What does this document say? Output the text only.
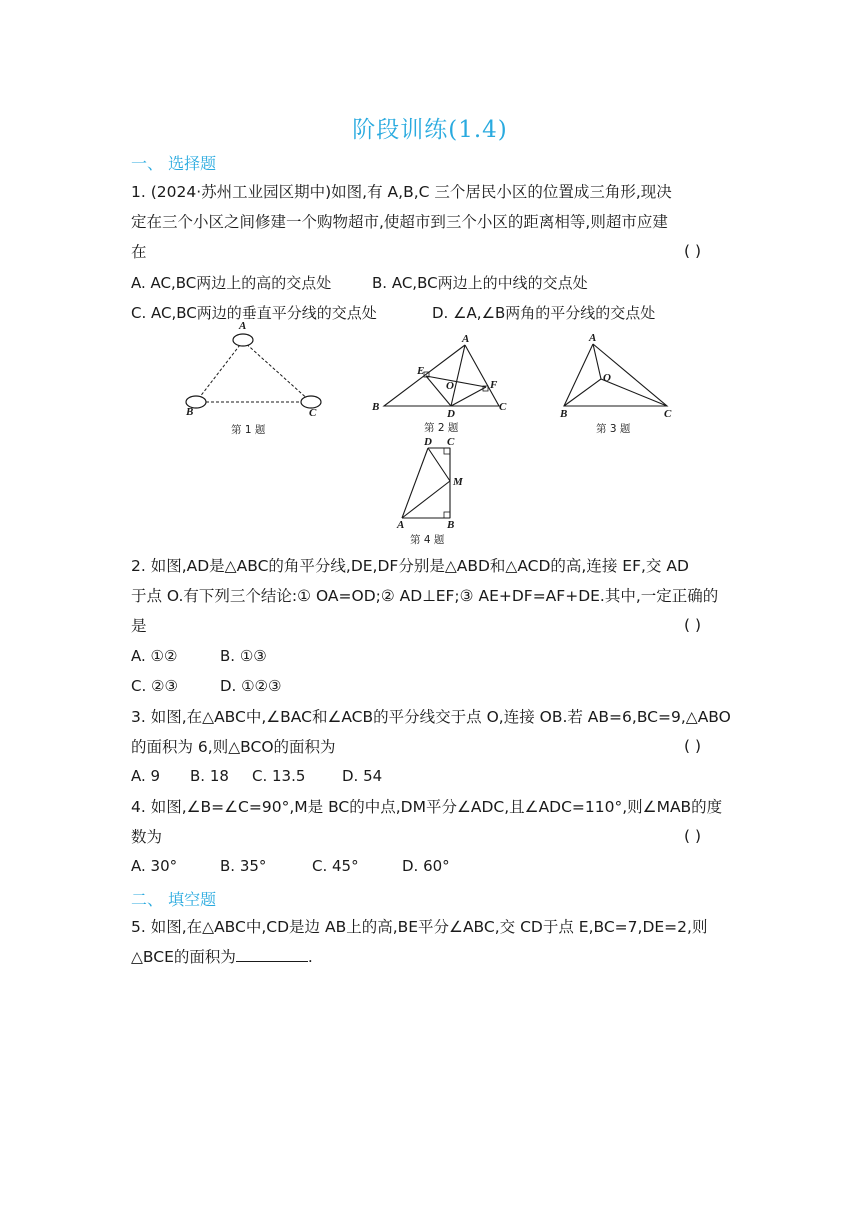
阶段训练(1.4)
一、 选择题
1. (2024·苏州工业园区期中)如图,有 A,B,C 三个居民小区的位置成三角形,现决
定在三个小区之间修建一个购物超市,使超市到三个小区的距离相等,则超市应建
在	( )
A. AC,BC两边上的高的交点处	B. AC,BC两边上的中线的交点处
C. AC,BC两边的垂直平分线的交点处	D. ∠A,∠B两角的平分线的交点处
A
B	C
第 1 题
A
B	C
D
E
F
O
第 2 题
A
B	C
O
第 3 题
D C
M
A	B
第 4 题
2. 如图,AD是△ABC的角平分线,DE,DF分别是△ABD和△ACD的高,连接 EF,交 AD
于点 O.有下列三个结论:① OA=OD;② AD⊥EF;③ AE+DF=AF+DE.其中,一定正确的
是	( )
A. ①②	B. ①③
C. ②③	D. ①②③
3. 如图,在△ABC中,∠BAC和∠ACB的平分线交于点 O,连接 OB.若 AB=6,BC=9,△ABO
的面积为 6,则△BCO的面积为	( )
A. 9 B. 18 C. 13.5 D. 54
4. 如图,∠B=∠C=90°,M是 BC的中点,DM平分∠ADC,且∠ADC=110°,则∠MAB的度
数为	( )
A. 30°	B. 35°	C. 45°	D. 60°
二、 填空题
5. 如图,在△ABC中,CD是边 AB上的高,BE平分∠ABC,交 CD于点 E,BC=7,DE=2,则
△BCE的面积为	.
